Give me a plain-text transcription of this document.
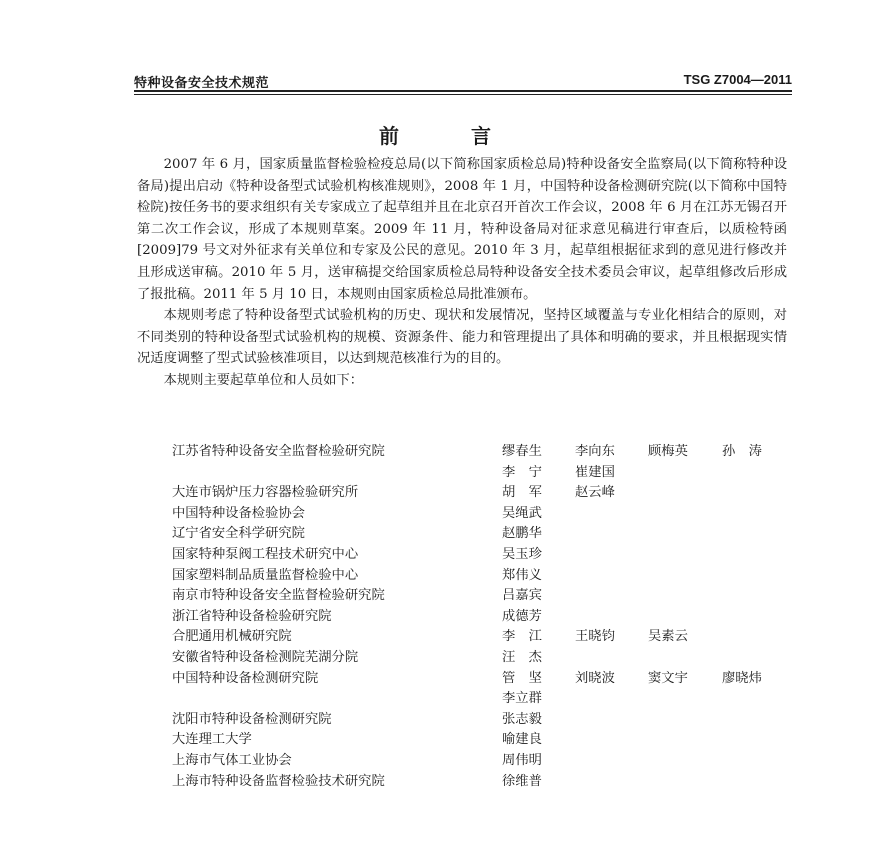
特种设备安全技术规范	TSG Z7004—2011
前　言

2007 年 6 月，国家质量监督检验检疫总局(以下简称国家质检总局)特种设备安全监察局(以下简称特种设备局)提出启动《特种设备型式试验机构核准规则》，2008 年 1 月，中国特种设备检测研究院(以下简称中国特检院)按任务书的要求组织有关专家成立了起草组并且在北京召开首次工作会议，2008 年 6 月在江苏无锡召开第二次工作会议，形成了本规则草案。2009 年 11 月，特种设备局对征求意见稿进行审查后，以质检特函[2009]79 号文对外征求有关单位和专家及公民的意见。2010 年 3 月，起草组根据征求到的意见进行修改并且形成送审稿。2010 年 5 月，送审稿提交给国家质检总局特种设备安全技术委员会审议，起草组修改后形成了报批稿。2011 年 5 月 10 日，本规则由国家质检总局批准颁布。

本规则考虑了特种设备型式试验机构的历史、现状和发展情况，坚持区域覆盖与专业化相结合的原则，对不同类别的特种设备型式试验机构的规模、资源条件、能力和管理提出了具体和明确的要求，并且根据现实情况适度调整了型式试验核准项目，以达到规范核准行为的目的。

本规则主要起草单位和人员如下：

江苏省特种设备安全监督检验研究院	缪春生 李向东 顾梅英	孙　涛
李　宁 崔建国
大连市锅炉压力容器检验研究所	胡　军 赵云峰
中国特种设备检验协会	吴绳武
辽宁省安全科学研究院	赵鹏华
国家特种泵阀工程技术研究中心	吴玉珍
国家塑料制品质量监督检验中心	郑伟义
南京市特种设备安全监督检验研究院	吕嘉宾
浙江省特种设备检验研究院	成德芳
合肥通用机械研究院	李　江 王晓钧 吴素云
安徽省特种设备检测院芜湖分院	汪　杰
中国特种设备检测研究院	管　坚 刘晓波 窦文宇	廖晓炜
李立群
沈阳市特种设备检测研究院	张志毅
大连理工大学	喻建良
上海市气体工业协会	周伟明
上海市特种设备监督检验技术研究院	徐维普
